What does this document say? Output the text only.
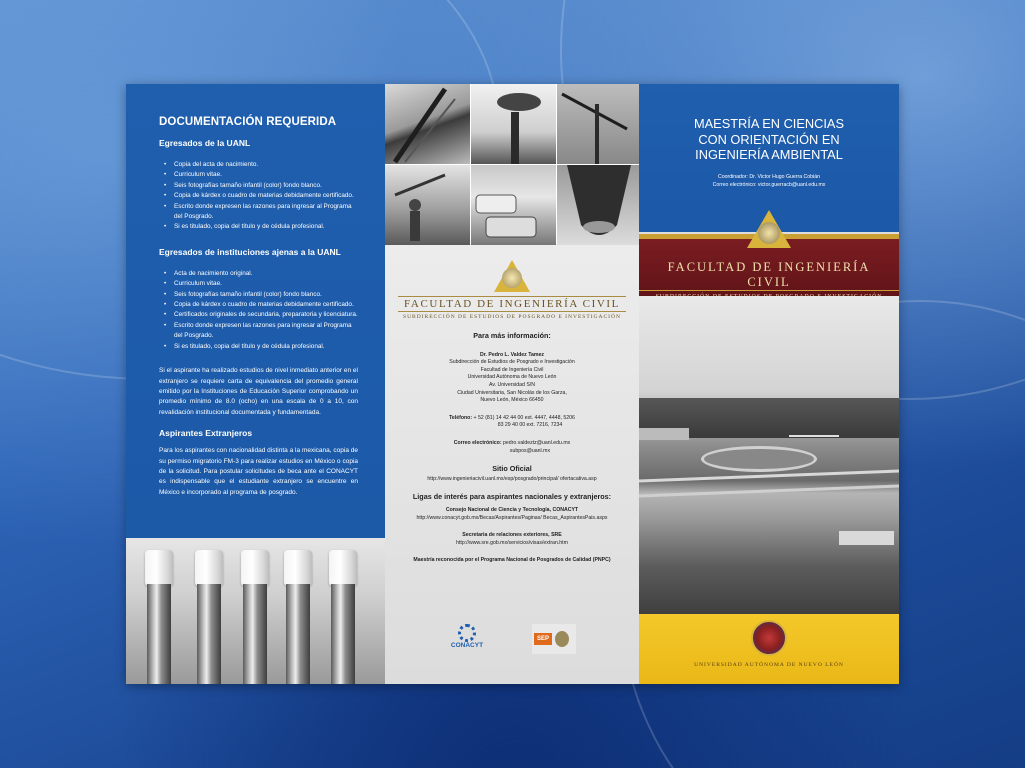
DOCUMENTACIÓN REQUERIDA
Egresados de la UANL
• Copia del acta de nacimiento.
• Curriculum vitae.
• Seis fotografías tamaño infantil (color) fondo blanco.
• Copia de kárdex o cuadro de materias debidamente certificado.
• Escrito donde expresen las razones para ingresar al Programa del Posgrado.
• Si es titulado, copia del título y de cédula profesional.
Egresados de instituciones ajenas a la UANL
• Acta de nacimiento original.
• Curriculum vitae.
• Seis fotografías tamaño infantil (color) fondo blanco.
• Copia de kárdex o cuadro de materias debidamente certificado.
• Certificados originales de secundaria, preparatoria y licenciatura.
• Escrito donde expresen las razones para ingresar al Programa del Posgrado.
• Si es titulado, copia del título y de cédula profesional.
Si el aspirante ha realizado estudios de nivel inmediato anterior en el extranjero se requiere carta de equivalencia del promedio general emitido por la Instituciones de Educación Superior comprobando un promedio mínimo de 8.0 (ocho) en una escala de 0 a 10, con revalidación institucional documentada y fundamentada.
Aspirantes Extranjeros
Para los aspirantes con nacionalidad distinta a la mexicana, copia de su permiso migratorio FM-3 para realizar estudios en México o copia de la solicitud. Para postular solicitudes de beca ante el CONACYT es indispensable que el estudiante extranjero se encuentre en México e incorporado al programa de posgrado.
FACULTAD DE INGENIERÍA CIVIL
SUBDIRECCIÓN DE ESTUDIOS DE POSGRADO E INVESTIGACIÓN
Para más información:
Dr. Pedro L. Valdez Tamez
Subdirección de Estudios de Posgrado e Investigación
Facultad de Ingeniería Civil
Universidad Autónoma de Nuevo León
Av. Universidad S/N
Ciudad Universitaria, San Nicolás de los Garza,
Nuevo León, México 66450
Teléfono: + 52 (81) 14 42 44 00 ext. 4447, 4448, 5206
83 29 40 00 ext. 7216, 7234
Correo electrónico: pedro.valdeztz@uanl.edu.mx
subpos@uanl.mx
Sitio Oficial
http://www.ingenieriacivil.uanl.mx/esp/posgrado/principal/ ofertacativa.asp
Ligas de interés para aspirantes nacionales y extranjeros:
Consejo Nacional de Ciencia y Tecnología, CONACYT
http://www.conacyt.gob.mx/Becas/Aspirantes/Paginas/ Becas_AspirantesPais.aspx
Secretaria de relaciones exteriores, SRE
http://www.sre.gob.mx/servicios/visas/extran.htm
Maestría reconocida por el Programa Nacional de Posgrados de Calidad (PNPC)
CONACYT
SEP
MAESTRÍA EN CIENCIAS
CON ORIENTACIÓN EN
INGENIERÍA AMBIENTAL
Coordinador: Dr. Victor Hugo Guerra Cobián
Correo electrónico: victor.guerracb@uanl.edu.mx
FACULTAD DE INGENIERÍA CIVIL
UNIVERSIDAD AUTÓNOMA DE NUEVO LEÓN
